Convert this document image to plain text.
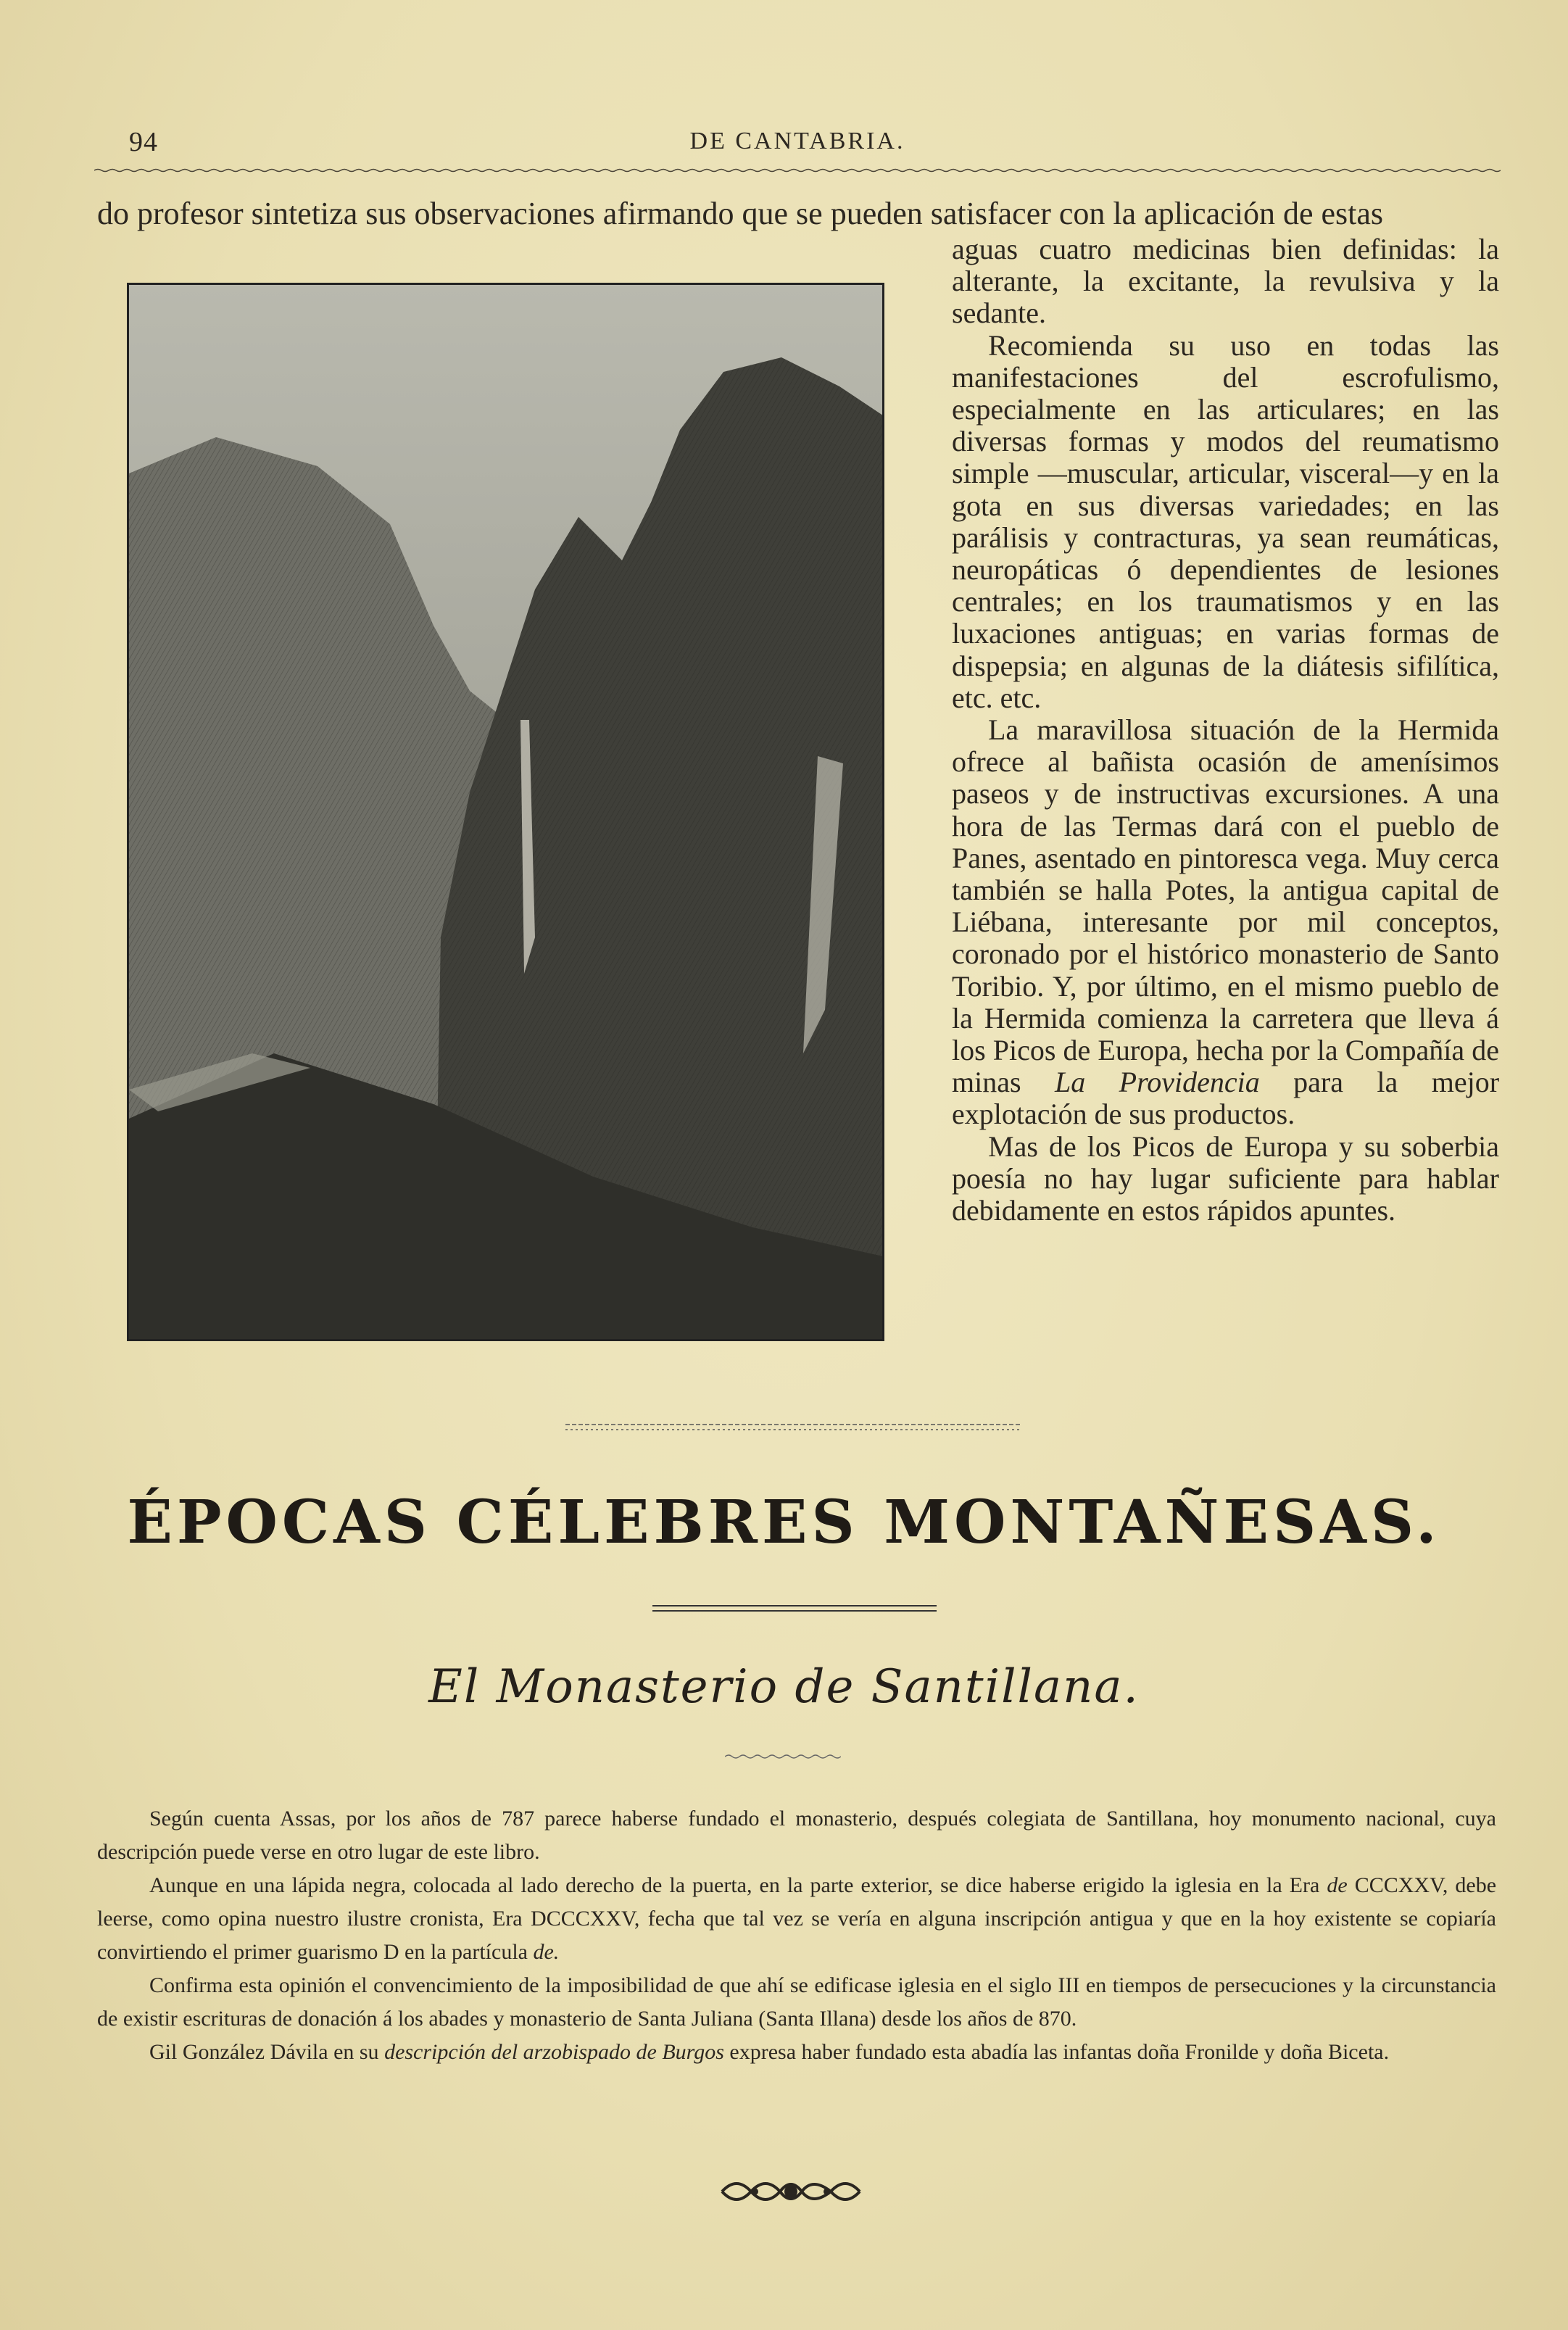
94	DE CANTABRIA.
do profesor sintetiza sus observaciones afirmando que se pueden satisfacer con la aplicación de estas

aguas cuatro medicinas bien definidas: la alterante, la excitante, la revulsiva y la sedante.

Recomienda su uso en todas las manifestaciones del escrofulismo, especialmente en las articulares; en las diversas formas y modos del reumatismo simple —muscular, articular, visceral—y en la gota en sus diversas variedades; en las parálisis y contracturas, ya sean reumáticas, neuropáticas ó dependientes de lesiones centrales; en los traumatismos y en las luxaciones antiguas; en varias formas de dispepsia; en algunas de la diátesis sifilítica, etc. etc.

La maravillosa situación de la Hermida ofrece al bañista ocasión de amenísimos paseos y de instructivas excursiones. A una hora de las Termas dará con el pueblo de Panes, asentado en pintoresca vega. Muy cerca también se halla Potes, la antigua capital de Liébana, interesante por mil conceptos, coronado por el histórico monasterio de Santo Toribio. Y, por último, en el mismo pueblo de la Hermida comienza la carretera que lleva á los Picos de Europa, hecha por la Compañía de minas La Providencia para la mejor explotación de sus productos.

Mas de los Picos de Europa y su soberbia poesía no hay lugar suficiente para hablar debidamente en estos rápidos apuntes.

ÉPOCAS CÉLEBRES MONTAÑESAS.
El Monasterio de Santillana.

Según cuenta Assas, por los años de 787 parece haberse fundado el monasterio, después colegiata de Santillana, hoy monumento nacional, cuya descripción puede verse en otro lugar de este libro.

Aunque en una lápida negra, colocada al lado derecho de la puerta, en la parte exterior, se dice haberse erigido la iglesia en la Era de CCCXXV, debe leerse, como opina nuestro ilustre cronista, Era DCCCXXV, fecha que tal vez se vería en alguna inscripción antigua y que en la hoy existente se copiaría convirtiendo el primer guarismo D en la partícula de.

Confirma esta opinión el convencimiento de la imposibilidad de que ahí se edificase iglesia en el siglo III en tiempos de persecuciones y la circunstancia de existir escrituras de donación á los abades y monasterio de Santa Juliana (Santa Illana) desde los años de 870.

Gil González Dávila en su descripción del arzobispado de Burgos expresa haber fundado esta abadía las infantas doña Fronilde y doña Biceta.
